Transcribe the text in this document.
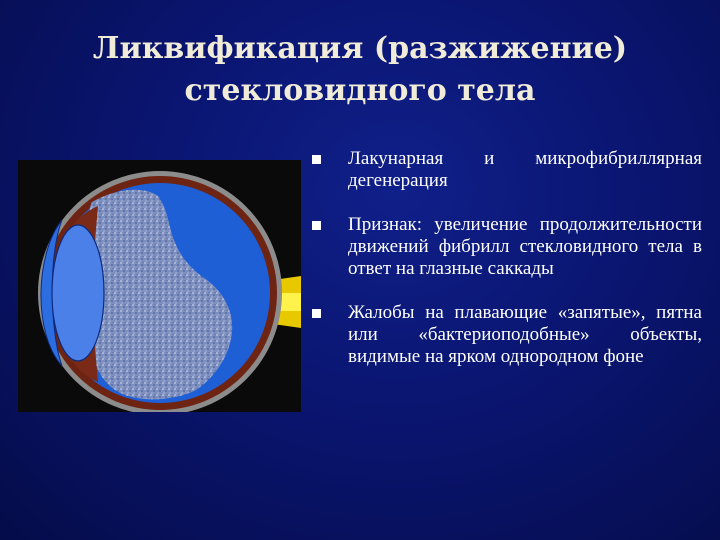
Ликвификация (разжижение)
стекловидного тела
Лакунарная и микрофибриллярная дегенерация
Признак: увеличение продолжительности движений фибрилл стекловидного тела в ответ на глазные саккады
Жалобы на плавающие «запятые», пятна или «бактериоподобные» объекты, видимые на ярком однородном фоне
